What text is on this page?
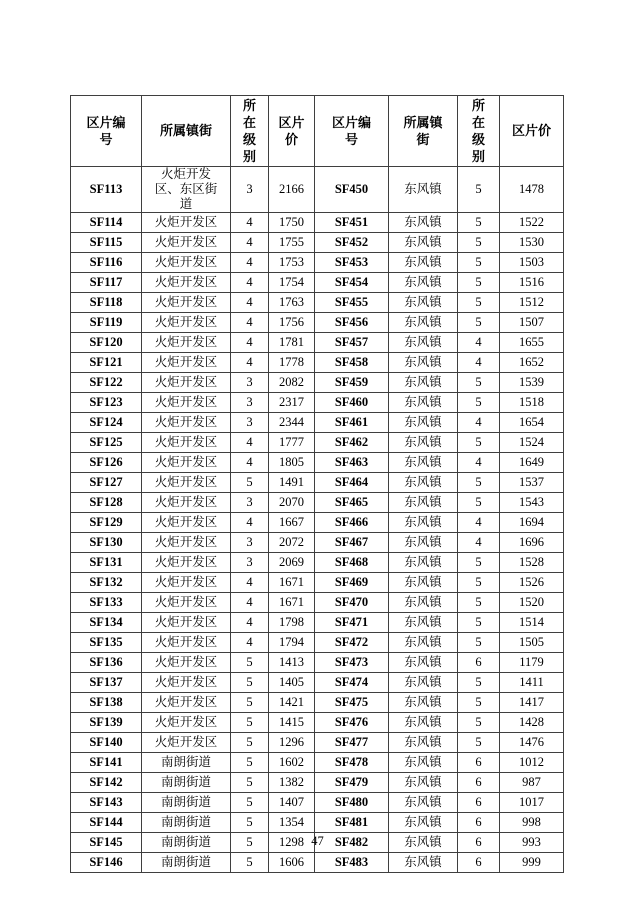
区片编号	所属镇街	所在级别	区片价	区片编号	所属镇街	所在级别	区片价
SF113	火炬开发区、东区街道	3	2166	SF450	东风镇	5	1478
SF114	火炬开发区	4	1750	SF451	东风镇	5	1522
SF115	火炬开发区	4	1755	SF452	东风镇	5	1530
SF116	火炬开发区	4	1753	SF453	东风镇	5	1503
SF117	火炬开发区	4	1754	SF454	东风镇	5	1516
SF118	火炬开发区	4	1763	SF455	东风镇	5	1512
SF119	火炬开发区	4	1756	SF456	东风镇	5	1507
SF120	火炬开发区	4	1781	SF457	东风镇	4	1655
SF121	火炬开发区	4	1778	SF458	东风镇	4	1652
SF122	火炬开发区	3	2082	SF459	东风镇	5	1539
SF123	火炬开发区	3	2317	SF460	东风镇	5	1518
SF124	火炬开发区	3	2344	SF461	东风镇	4	1654
SF125	火炬开发区	4	1777	SF462	东风镇	5	1524
SF126	火炬开发区	4	1805	SF463	东风镇	4	1649
SF127	火炬开发区	5	1491	SF464	东风镇	5	1537
SF128	火炬开发区	3	2070	SF465	东风镇	5	1543
SF129	火炬开发区	4	1667	SF466	东风镇	4	1694
SF130	火炬开发区	3	2072	SF467	东风镇	4	1696
SF131	火炬开发区	3	2069	SF468	东风镇	5	1528
SF132	火炬开发区	4	1671	SF469	东风镇	5	1526
SF133	火炬开发区	4	1671	SF470	东风镇	5	1520
SF134	火炬开发区	4	1798	SF471	东风镇	5	1514
SF135	火炬开发区	4	1794	SF472	东风镇	5	1505
SF136	火炬开发区	5	1413	SF473	东风镇	6	1179
SF137	火炬开发区	5	1405	SF474	东风镇	5	1411
SF138	火炬开发区	5	1421	SF475	东风镇	5	1417
SF139	火炬开发区	5	1415	SF476	东风镇	5	1428
SF140	火炬开发区	5	1296	SF477	东风镇	5	1476
SF141	南朗街道	5	1602	SF478	东风镇	6	1012
SF142	南朗街道	5	1382	SF479	东风镇	6	987
SF143	南朗街道	5	1407	SF480	东风镇	6	1017
SF144	南朗街道	5	1354	SF481	东风镇	6	998
SF145	南朗街道	5	1298	SF482	东风镇	6	993
SF146	南朗街道	5	1606	SF483	东风镇	6	999
47
